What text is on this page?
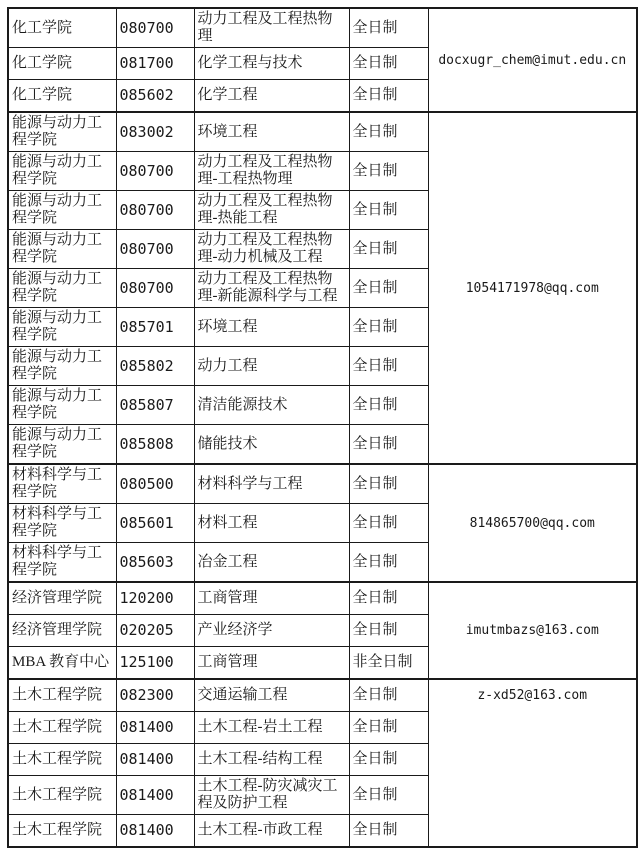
化工学院	080700	动力工程及工程热物理	全日制	docxugr_chem@imut.edu.cn
化工学院	081700	化学工程与技术	全日制	
化工学院	085602	化学工程	全日制	
能源与动力工程学院	083002	环境工程	全日制	1054171978@qq.com
能源与动力工程学院	080700	动力工程及工程热物理-工程热物理	全日制	
能源与动力工程学院	080700	动力工程及工程热物理-热能工程	全日制	
能源与动力工程学院	080700	动力工程及工程热物理-动力机械及工程	全日制	
能源与动力工程学院	080700	动力工程及工程热物理-新能源科学与工程	全日制	
能源与动力工程学院	085701	环境工程	全日制	
能源与动力工程学院	085802	动力工程	全日制	
能源与动力工程学院	085807	清洁能源技术	全日制	
能源与动力工程学院	085808	储能技术	全日制	
材料科学与工程学院	080500	材料科学与工程	全日制	814865700@qq.com
材料科学与工程学院	085601	材料工程	全日制	
材料科学与工程学院	085603	冶金工程	全日制	
经济管理学院	120200	工商管理	全日制	imutmbazs@163.com
经济管理学院	020205	产业经济学	全日制	
MBA 教育中心	125100	工商管理	非全日制	
土木工程学院	082300	交通运输工程	全日制	z-xd52@163.com
土木工程学院	081400	土木工程-岩土工程	全日制	
土木工程学院	081400	土木工程-结构工程	全日制	
土木工程学院	081400	土木工程-防灾减灾工程及防护工程	全日制	
土木工程学院	081400	土木工程-市政工程	全日制	
